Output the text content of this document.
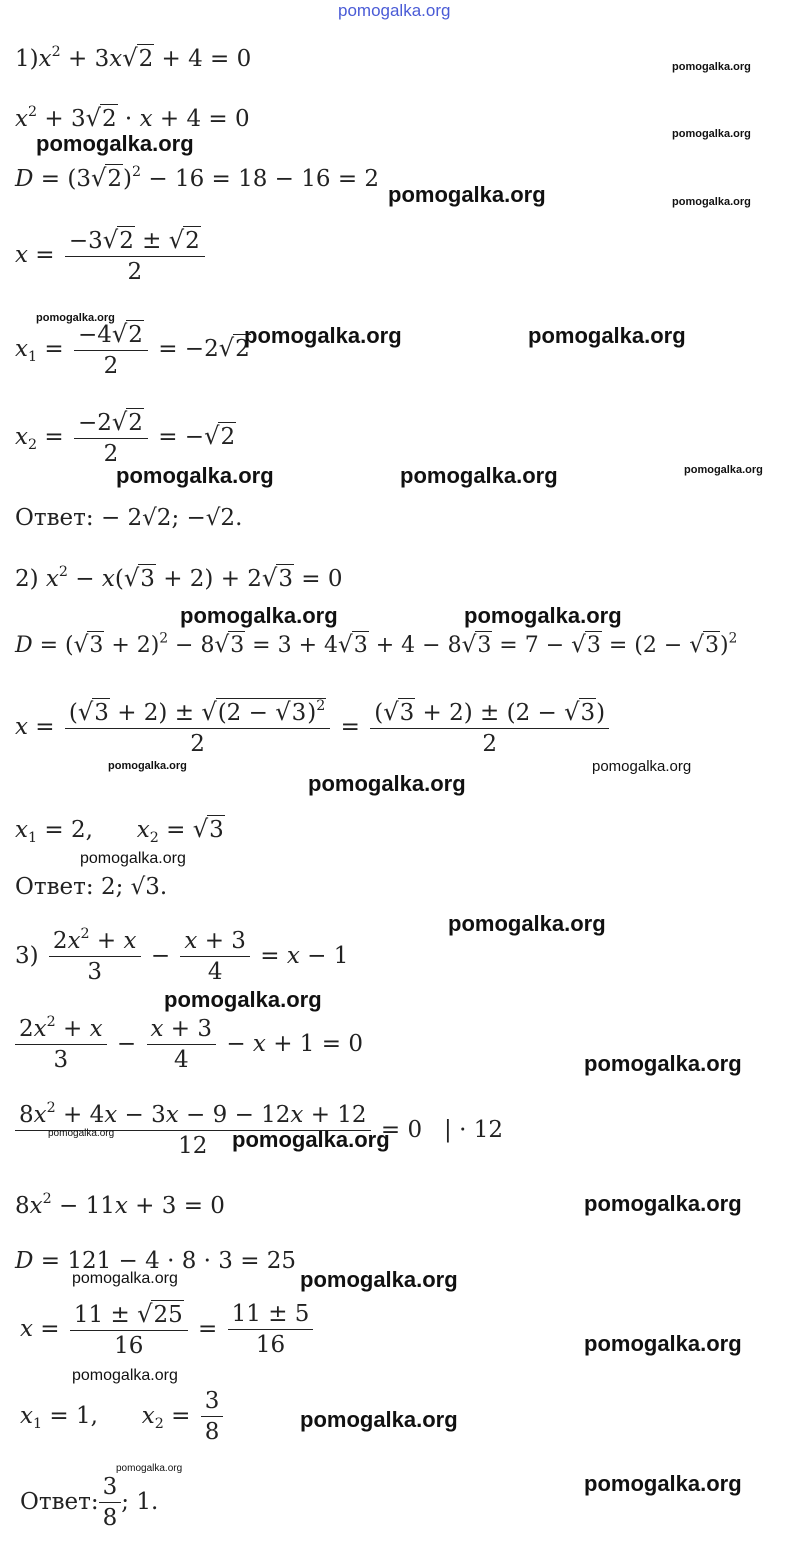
pomogalka.org
$1)x^2 + 3x√2 + 4 = 0$
$x^2 + 3√2 \cdot x + 4 = 0$
$D = (3√2)^2 - 16 = 18 - 16 = 2$
$x = \frac{-3√2 \pm √2}{2}$
$x_1 = \frac{-4√2}{2} = -2√2$
$x_2 = \frac{-2√2}{2} = -√2$
Ответ: − 2√2; −√2.
2) $x^2 - x(√3 + 2) + 2√3 = 0$
$D = (√3 + 2)^2 - 8√3 = 3 + 4√3 + 4 - 8√3 = 7 - √3 = (2 - √3)^2$
$x = \frac{(√3 + 2) \pm √(2 - √3)^2}{2} = \frac{(√3 + 2) \pm (2 - √3)}{2}$
$x_1 = 2$,      $x_2 = √3$
Ответ: 2; √3.
$3) \frac{2x^2 + x}{3} - \frac{x + 3}{4} = x - 1$
$\frac{2x^2 + x}{3} - \frac{x + 3}{4} - x + 1 = 0$
$\frac{8x^2 + 4x - 3x - 9 - 12x + 12}{12} = 0$   | · 12
$8x^2 - 11x + 3 = 0$
D = 121 − 4 · 8 · 3 = 25
$x = \frac{11 \pm √25}{16} = \frac{11 \pm 5}{16}$
$x_1 = 1$,      $x_2 = \frac{3}{8}$
Ответ: $\frac{3}{8}$ ; 1.
pomogalka.org
pomogalka.org
pomogalka.org
pomogalka.org	pomogalka.org
pomogalka.org
pomogalka.org	pomogalka.org
pomogalka.org	pomogalka.org	pomogalka.org
pomogalka.org	pomogalka.org
pomogalka.org
pomogalka.org
pomogalka.org
pomogalka.org
pomogalka.org
pomogalka.org
pomogalka.org
pomogalka.org	pomogalka.org
pomogalka.org
pomogalka.org	pomogalka.org
pomogalka.org
pomogalka.org
pomogalka.org
pomogalka.org
pomogalka.org
